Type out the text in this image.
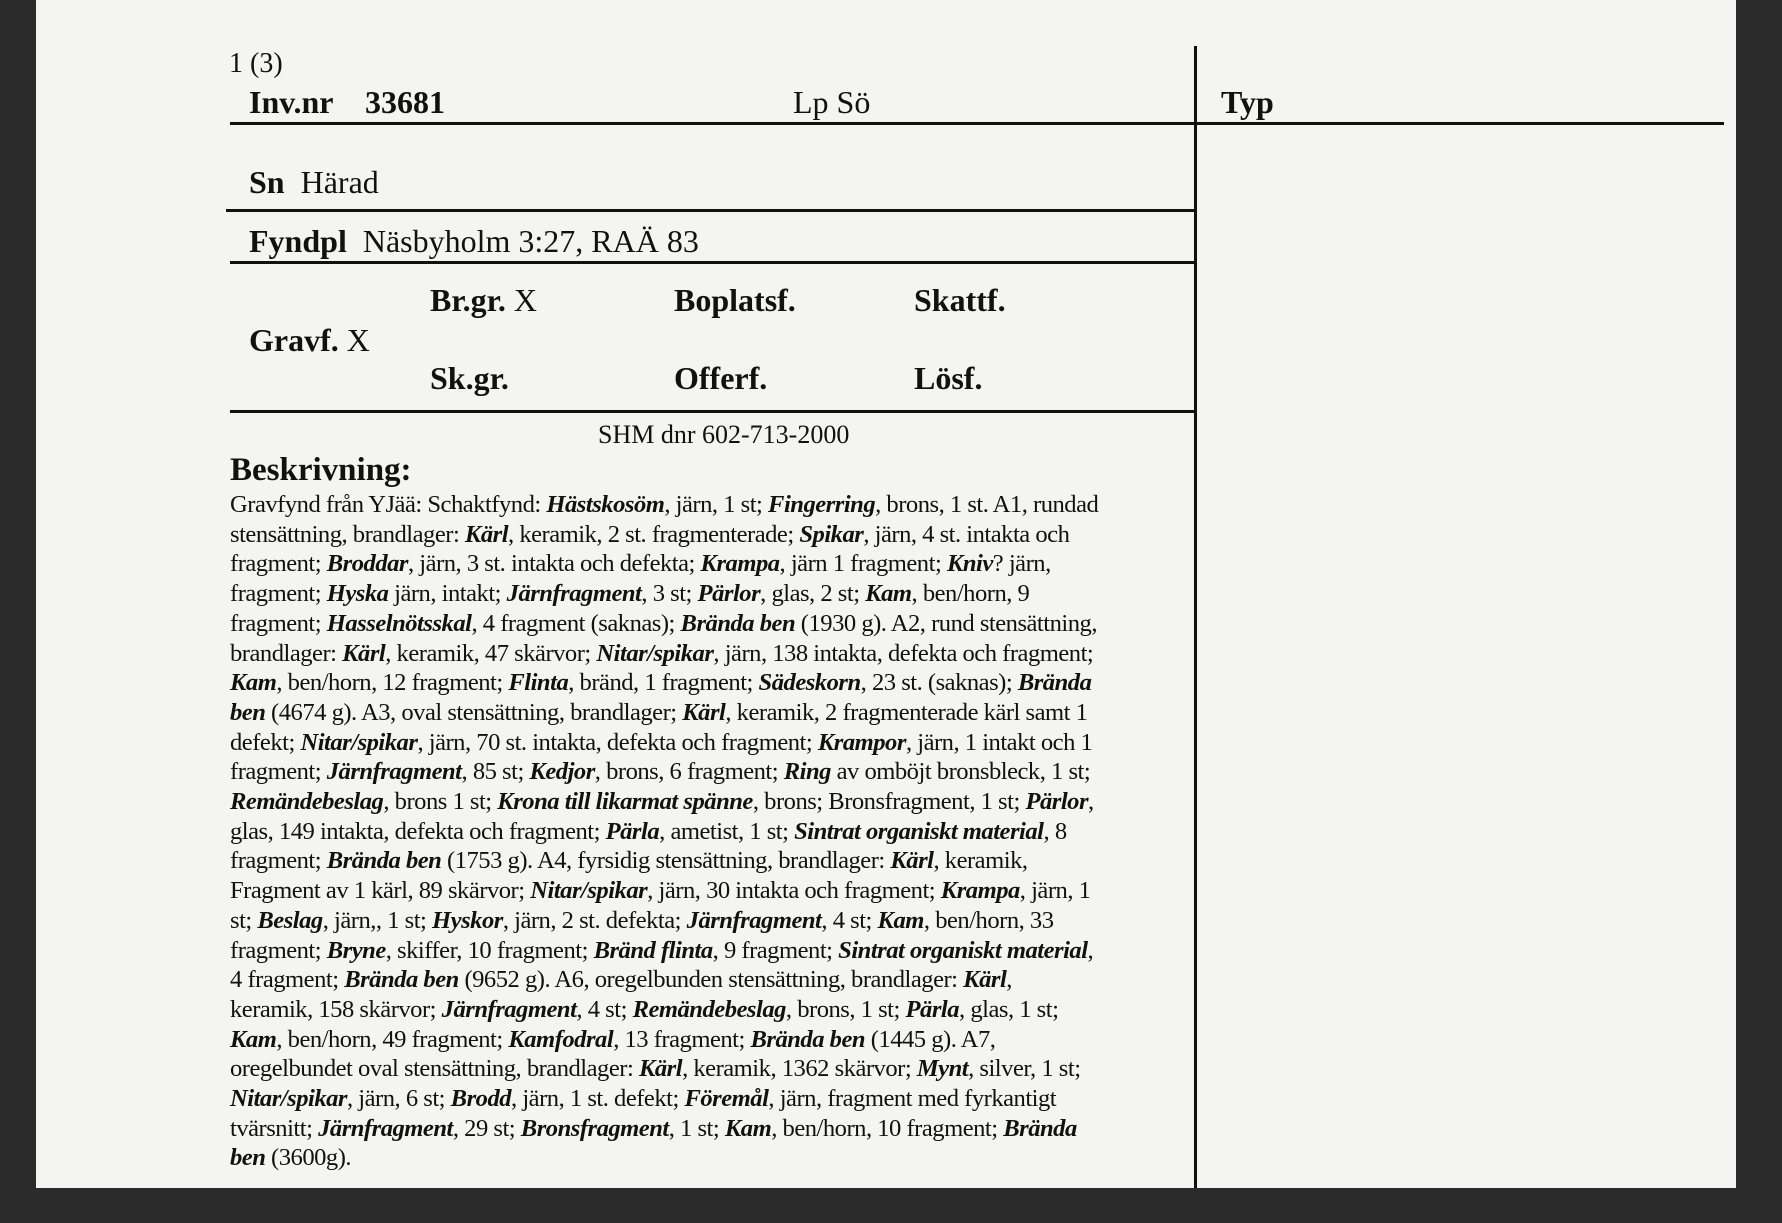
1 (3)
Inv.nr 33681	Lp Sö	Typ
Sn Härad
Fyndpl Näsbyholm 3:27, RAÄ 83
Br.gr. X	Boplatsf.	Skattf.
Gravf. X
Sk.gr.	Offerf.	Lösf.
SHM dnr 602-713-2000
Beskrivning:

Gravfynd från YJää: Schaktfynd: Hästskosöm, järn, 1 st; Fingerring, brons, 1 st. A1, rundad

stensättning, brandlager: Kärl, keramik, 2 st. fragmenterade; Spikar, järn, 4 st. intakta och

fragment; Broddar, järn, 3 st. intakta och defekta; Krampa, järn 1 fragment; Kniv? järn,

fragment; Hyska järn, intakt; Järnfragment, 3 st; Pärlor, glas, 2 st; Kam, ben/horn, 9

fragment; Hasselnötsskal, 4 fragment (saknas); Brända ben (1930 g). A2, rund stensättning,

brandlager: Kärl, keramik, 47 skärvor; Nitar/spikar, järn, 138 intakta, defekta och fragment;

Kam, ben/horn, 12 fragment; Flinta, bränd, 1 fragment; Sädeskorn, 23 st. (saknas); Brända

ben (4674 g). A3, oval stensättning, brandlager; Kärl, keramik, 2 fragmenterade kärl samt 1

defekt; Nitar/spikar, järn, 70 st. intakta, defekta och fragment; Krampor, järn, 1 intakt och 1

fragment; Järnfragment, 85 st; Kedjor, brons, 6 fragment; Ring av omböjt bronsbleck, 1 st;

Remändebeslag, brons 1 st; Krona till likarmat spänne, brons; Bronsfragment, 1 st; Pärlor,

glas, 149 intakta, defekta och fragment; Pärla, ametist, 1 st; Sintrat organiskt material, 8

fragment; Brända ben (1753 g). A4, fyrsidig stensättning, brandlager: Kärl, keramik,

Fragment av 1 kärl, 89 skärvor; Nitar/spikar, järn, 30 intakta och fragment; Krampa, järn, 1

st; Beslag, järn,, 1 st; Hyskor, järn, 2 st. defekta; Järnfragment, 4 st; Kam, ben/horn, 33

fragment; Bryne, skiffer, 10 fragment; Bränd flinta, 9 fragment; Sintrat organiskt material,

4 fragment; Brända ben (9652 g). A6, oregelbunden stensättning, brandlager: Kärl,

keramik, 158 skärvor; Järnfragment, 4 st; Remändebeslag, brons, 1 st; Pärla, glas, 1 st;

Kam, ben/horn, 49 fragment; Kamfodral, 13 fragment; Brända ben (1445 g). A7,

oregelbundet oval stensättning, brandlager: Kärl, keramik, 1362 skärvor; Mynt, silver, 1 st;

Nitar/spikar, järn, 6 st; Brodd, järn, 1 st. defekt; Föremål, järn, fragment med fyrkantigt

tvärsnitt; Järnfragment, 29 st; Bronsfragment, 1 st; Kam, ben/horn, 10 fragment; Brända

ben (3600g).
